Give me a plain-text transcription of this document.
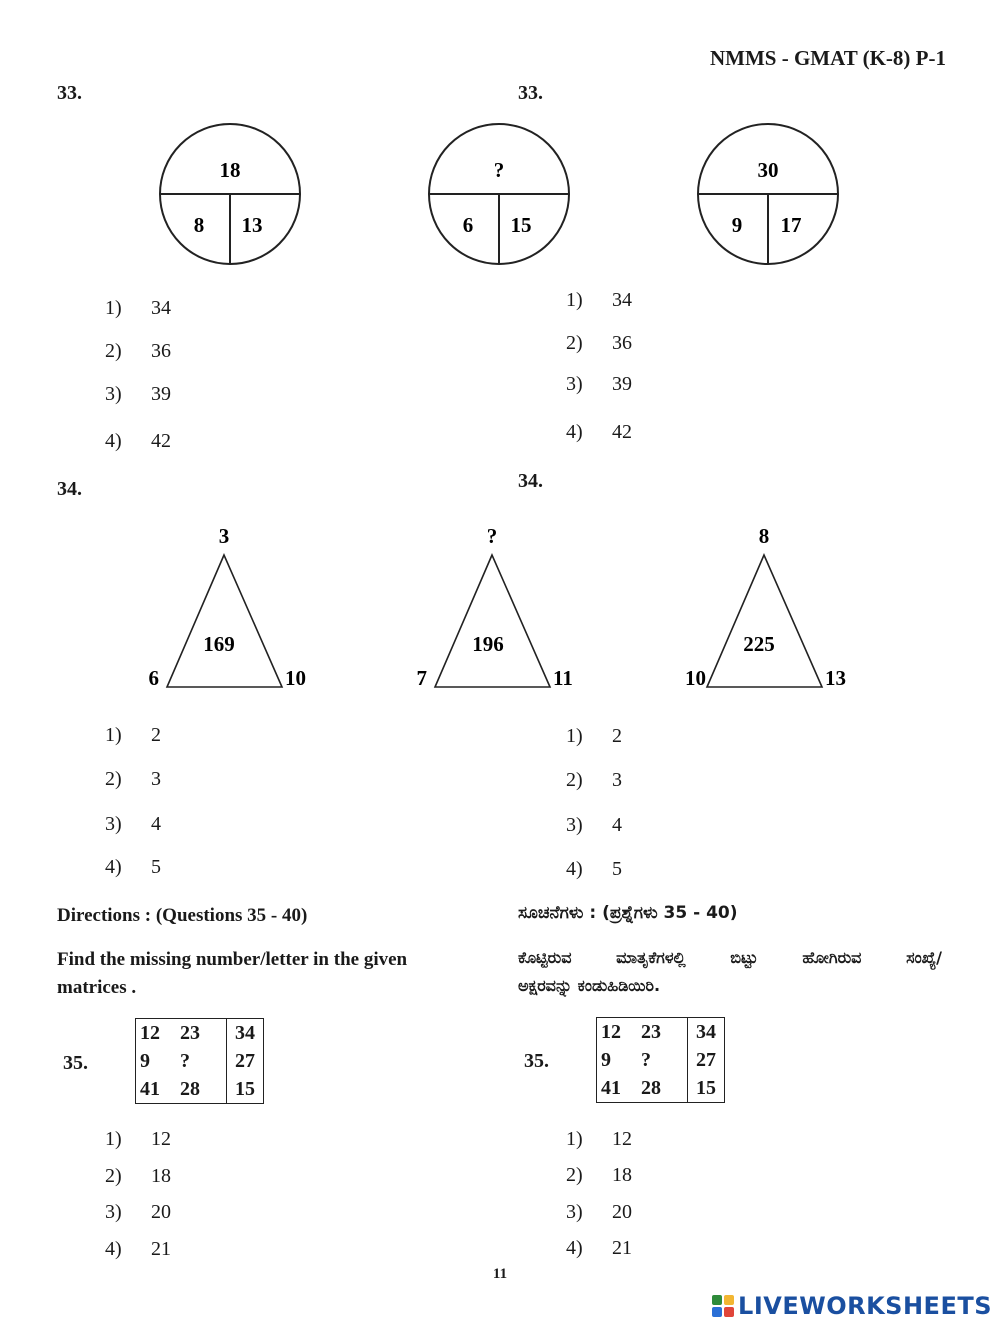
NMMS - GMAT (K-8) P-1
33.	33.
18
8 13
?
6 15
30
9 17
1) 34
2) 36
3) 39
4) 42
1) 34
2) 36
3) 39
4) 42
34.	34.
3
169
6	10
?
196
7	11
8
225
10	13
1) 2
2) 3
3) 4
4) 5
1) 2
2) 3
3) 4
4) 5
Directions : (Questions 35 - 40)
Find the missing number/letter in the given
matrices .
ಸೂಚನೆಗಳು : (ಪ್ರಶ್ನೆಗಳು 35 - 40)
ಕೊಟ್ಟಿರುವ ಮಾತೃಕೆಗಳಲ್ಲಿ ಬಿಟ್ಟು ಹೋಗಿರುವ ಸಂಖ್ಯೆ/
ಅಕ್ಷರವನ್ನು ಕಂಡುಹಿಡಿಯಿರಿ.
35.
12 23 34
9 ? 27
41 28 15
35.
12 23 34
9 ? 27
41 28 15
1) 12
2) 18
3) 20
4) 21
1) 12
2) 18
3) 20
4) 21
11
LIVEWORKSHEETS
